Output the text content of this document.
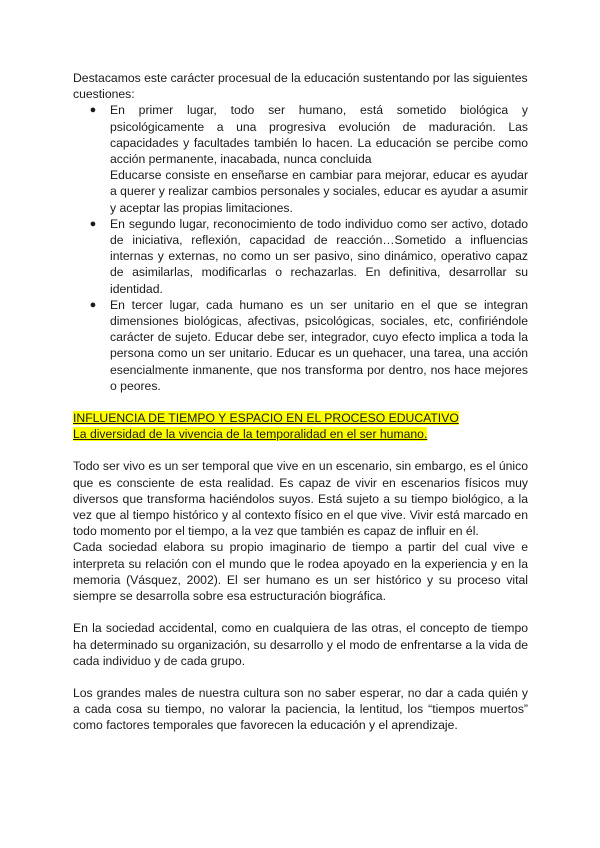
Destacamos este carácter procesual de la educación sustentando por las siguientes cuestiones:

● En primer lugar, todo ser humano, está sometido biológica y psicológicamente a una progresiva evolución de maduración. Las capacidades y facultades también lo hacen. La educación se percibe como acción permanente, inacabada, nunca concluida

Educarse consiste en enseñarse en cambiar para mejorar, educar es ayudar a querer y realizar cambios personales y sociales, educar es ayudar a asumir y aceptar las propias limitaciones.

● En segundo lugar, reconocimiento de todo individuo como ser activo, dotado de iniciativa, reflexión, capacidad de reacción…Sometido a influencias internas y externas, no como un ser pasivo, sino dinámico, operativo capaz de asimilarlas, modificarlas o rechazarlas. En definitiva, desarrollar su identidad.

● En tercer lugar, cada humano es un ser unitario en el que se integran dimensiones biológicas, afectivas, psicológicas, sociales, etc, confiriéndole carácter de sujeto. Educar debe ser, integrador, cuyo efecto implica a toda la persona como un ser unitario. Educar es un quehacer, una tarea, una acción esencialmente inmanente, que nos transforma por dentro, nos hace mejores o peores.

INFLUENCIA DE TIEMPO Y ESPACIO EN EL PROCESO EDUCATIVO
La diversidad de la vivencia de la temporalidad en el ser humano.

Todo ser vivo es un ser temporal que vive en un escenario, sin embargo, es el único que es consciente de esta realidad. Es capaz de vivir en escenarios físicos muy diversos que transforma haciéndolos suyos. Está sujeto a su tiempo biológico, a la vez que al tiempo histórico y al contexto físico en el que vive. Vivir está marcado en todo momento por el tiempo, a la vez que también es capaz de influir en él.

Cada sociedad elabora su propio imaginario de tiempo a partir del cual vive e interpreta su relación con el mundo que le rodea apoyado en la experiencia y en la memoria (Vásquez, 2002). El ser humano es un ser histórico y su proceso vital siempre se desarrolla sobre esa estructuración biográfica.

En la sociedad accidental, como en cualquiera de las otras, el concepto de tiempo ha determinado su organización, su desarrollo y el modo de enfrentarse a la vida de cada individuo y de cada grupo.

Los grandes males de nuestra cultura son no saber esperar, no dar a cada quién y a cada cosa su tiempo, no valorar la paciencia, la lentitud, los “tiempos muertos” como factores temporales que favorecen la educación y el aprendizaje.
